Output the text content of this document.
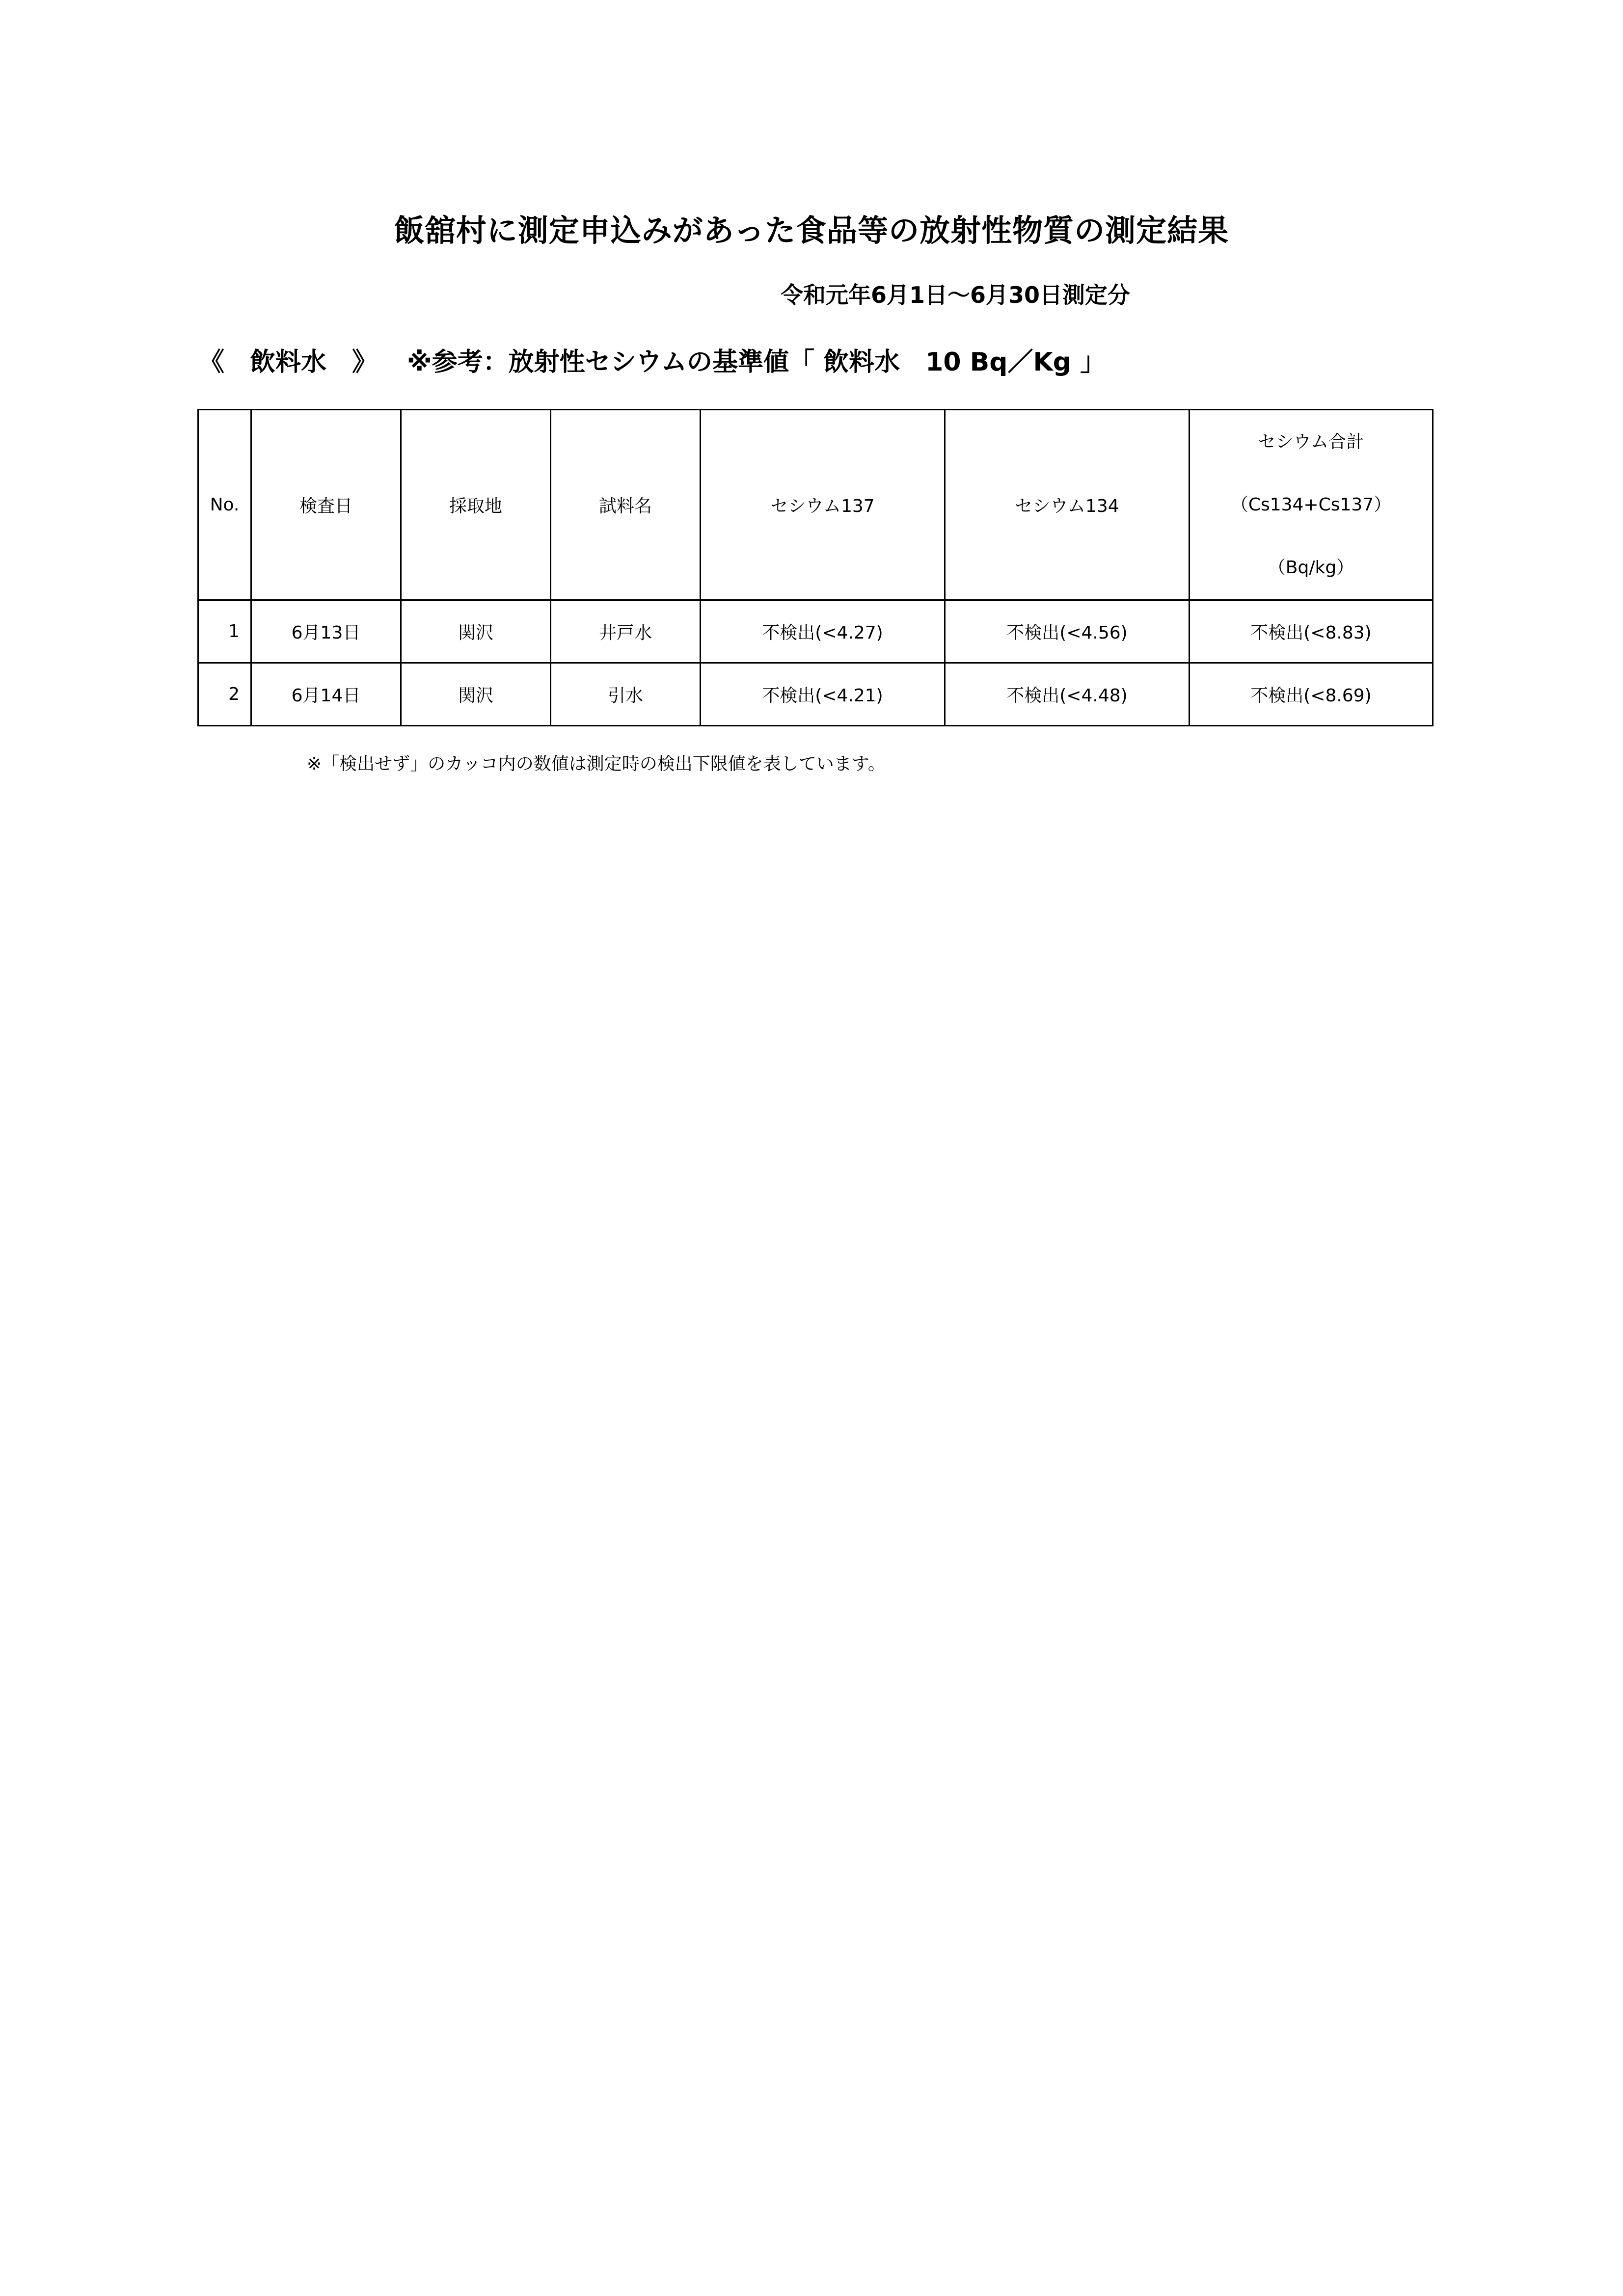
飯舘村に測定申込みがあった食品等の放射性物質の測定結果
令和元年6月1日〜6月30日測定分
《　飲料水　》 ※参考：放射性セシウムの基準値「 飲料水　10 Bq／Kg 」
No.	検査日	採取地	試料名	セシウム137	セシウム134	セシウム合計
（Cs134+Cs137）
（Bq/kg）

1	6月13日	関沢	井戸水	不検出(<4.27)	不検出(<4.56)	不検出(<8.83)
2	6月14日	関沢	引水	不検出(<4.21)	不検出(<4.48)	不検出(<8.69)
※「検出せず」のカッコ内の数値は測定時の検出下限値を表しています。
